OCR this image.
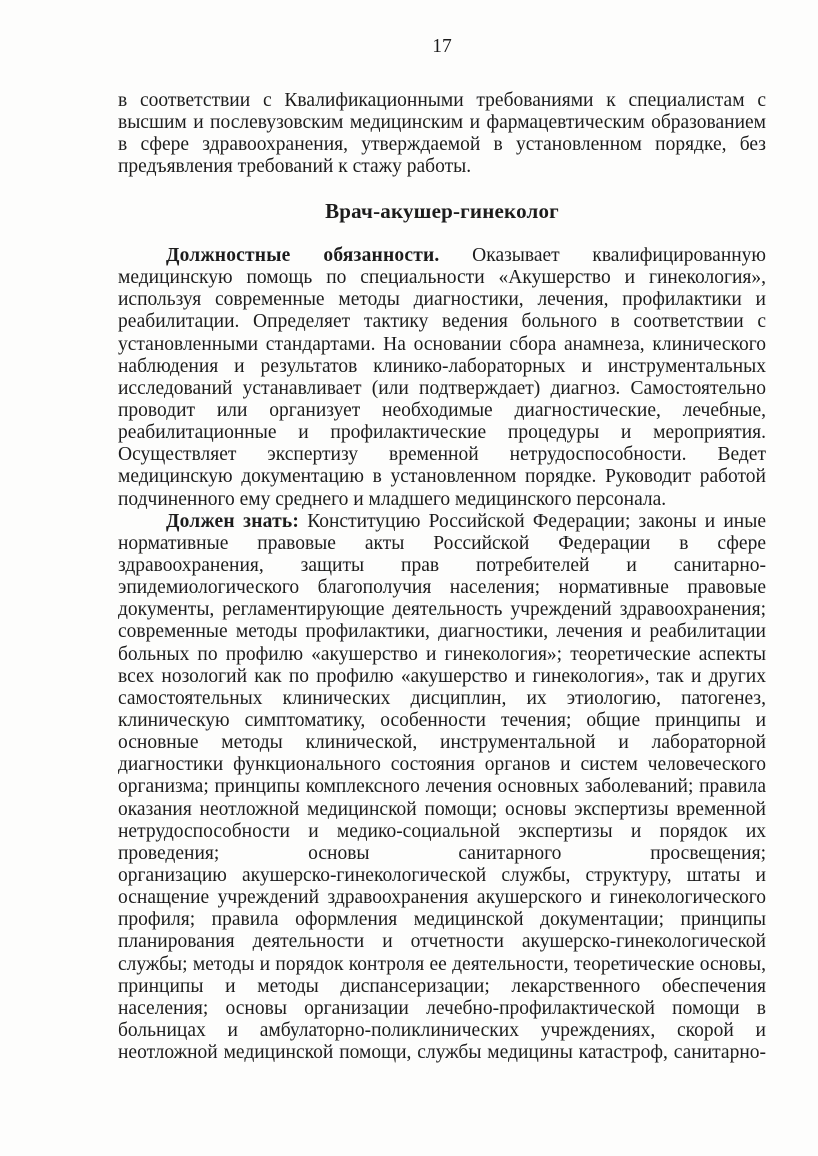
17
в соответствии с Квалификационными требованиями к специалистам с
высшим и послевузовским медицинским и фармацевтическим образованием
в сфере здравоохранения, утверждаемой в установленном порядке, без
предъявления требований к стажу работы.
Врач-акушер-гинеколог
Должностные обязанности. Оказывает квалифицированную
медицинскую помощь по специальности «Акушерство и гинекология»,
используя современные методы диагностики, лечения, профилактики и
реабилитации. Определяет тактику ведения больного в соответствии с
установленными стандартами. На основании сбора анамнеза, клинического
наблюдения и результатов клинико-лабораторных и инструментальных
исследований устанавливает (или подтверждает) диагноз. Самостоятельно
проводит или организует необходимые диагностические, лечебные,
реабилитационные и профилактические процедуры и мероприятия.
Осуществляет экспертизу временной нетрудоспособности. Ведет
медицинскую документацию в установленном порядке. Руководит работой
подчиненного ему среднего и младшего медицинского персонала.
Должен знать: Конституцию Российской Федерации; законы и иные
нормативные правовые акты Российской Федерации в сфере
здравоохранения, защиты прав потребителей и санитарно-
эпидемиологического благополучия населения; нормативные правовые
документы, регламентирующие деятельность учреждений здравоохранения;
современные методы профилактики, диагностики, лечения и реабилитации
больных по профилю «акушерство и гинекология»; теоретические аспекты
всех нозологий как по профилю «акушерство и гинекология», так и других
самостоятельных клинических дисциплин, их этиологию, патогенез,
клиническую симптоматику, особенности течения; общие принципы и
основные методы клинической, инструментальной и лабораторной
диагностики функционального состояния органов и систем человеческого
организма; принципы комплексного лечения основных заболеваний; правила
оказания неотложной медицинской помощи; основы экспертизы временной
нетрудоспособности и медико-социальной экспертизы и порядок их
проведения; основы санитарного просвещения;
организацию акушерско-гинекологической службы, структуру, штаты и
оснащение учреждений здравоохранения акушерского и гинекологического
профиля; правила оформления медицинской документации; принципы
планирования деятельности и отчетности акушерско-гинекологической
службы; методы и порядок контроля ее деятельности, теоретические основы,
принципы и методы диспансеризации; лекарственного обеспечения
населения; основы организации лечебно-профилактической помощи в
больницах и амбулаторно-поликлинических учреждениях, скорой и
неотложной медицинской помощи, службы медицины катастроф, санитарно-
